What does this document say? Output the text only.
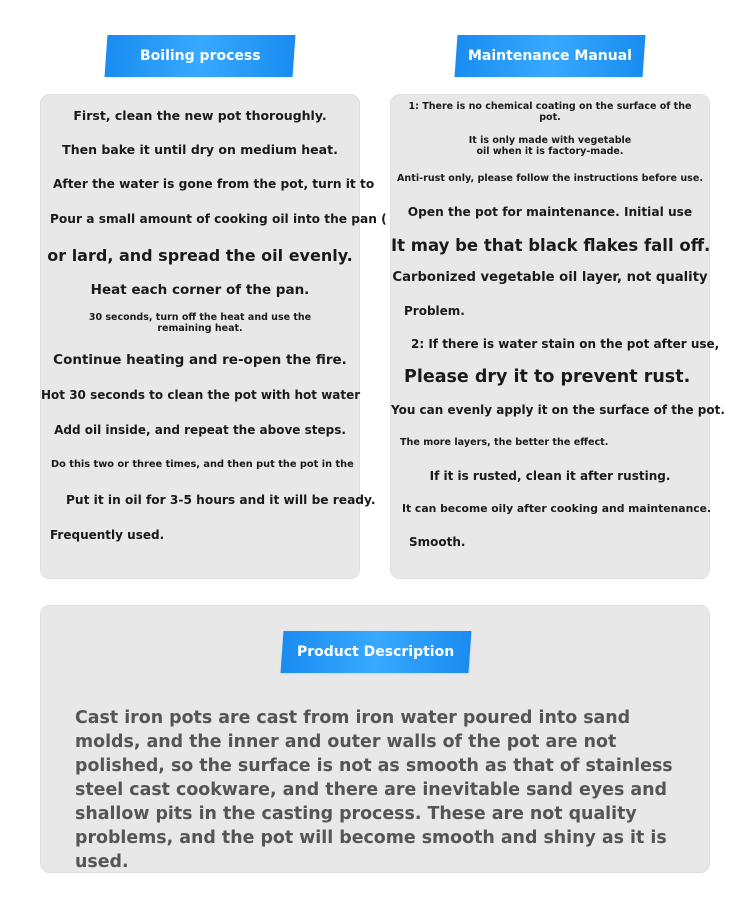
First, clean the new pot thoroughly.
Then bake it until dry on medium heat.
After the water is gone from the pot, turn it to
Pour a small amount of cooking oil into the pan (
or lard, and spread the oil evenly.
Heat each corner of the pan.
30 seconds, turn off the heat and use the remaining heat.
Continue heating and re-open the fire.
Hot 30 seconds to clean the pot with hot water
Add oil inside, and repeat the above steps.
Do this two or three times, and then put the pot in the
Put it in oil for 3-5 hours and it will be ready.
Frequently used.
Boiling process
1: There is no chemical coating on the surface of the pot.
It is only made with vegetable oil when it is factory-made.
Anti-rust only, please follow the instructions before use.
Open the pot for maintenance. Initial use
It may be that black flakes fall off.
Carbonized vegetable oil layer, not quality
Problem.
2: If there is water stain on the pot after use,
Please dry it to prevent rust.
You can evenly apply it on the surface of the pot.
The more layers, the better the effect.
If it is rusted, clean it after rusting.
It can become oily after cooking and maintenance.
Smooth.
Maintenance Manual
Product Description
Cast iron pots are cast from iron water poured into sand molds, and the inner and outer walls of the pot are not polished, so the surface is not as smooth as that of stainless steel cast cookware, and there are inevitable sand eyes and shallow pits in the casting process. These are not quality problems, and the pot will become smooth and shiny as it is used.
